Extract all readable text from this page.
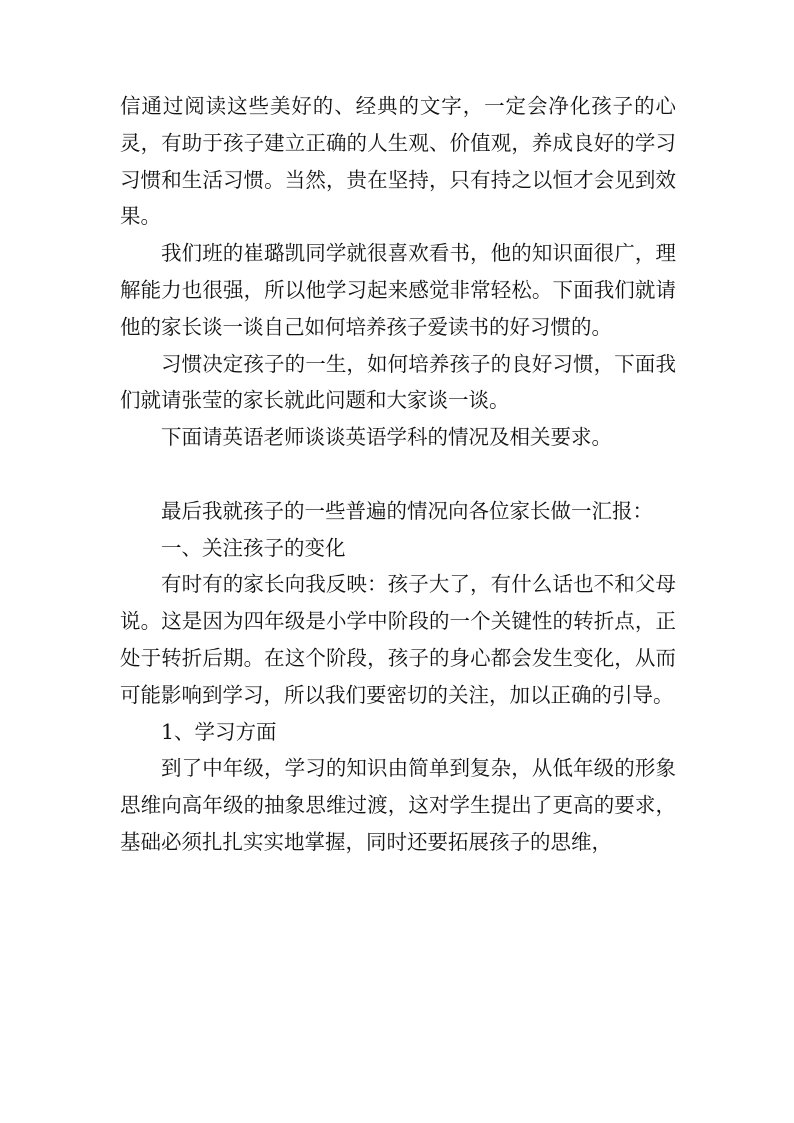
信通过阅读这些美好的、经典的文字，一定会净化孩子的心灵，有助于孩子建立正确的人生观、价值观，养成良好的学习习惯和生活习惯。当然，贵在坚持，只有持之以恒才会见到效果。

我们班的崔璐凯同学就很喜欢看书，他的知识面很广，理解能力也很强，所以他学习起来感觉非常轻松。下面我们就请他的家长谈一谈自己如何培养孩子爱读书的好习惯的。

习惯决定孩子的一生，如何培养孩子的良好习惯，下面我们就请张莹的家长就此问题和大家谈一谈。

下面请英语老师谈谈英语学科的情况及相关要求。

最后我就孩子的一些普遍的情况向各位家长做一汇报：

一、关注孩子的变化

有时有的家长向我反映：孩子大了，有什么话也不和父母说。这是因为四年级是小学中阶段的一个关键性的转折点，正处于转折后期。在这个阶段，孩子的身心都会发生变化，从而可能影响到学习，所以我们要密切的关注，加以正确的引导。

1、学习方面

到了中年级，学习的知识由简单到复杂，从低年级的形象思维向高年级的抽象思维过渡，这对学生提出了更高的要求，基础必须扎扎实实地掌握，同时还要拓展孩子的思维，
